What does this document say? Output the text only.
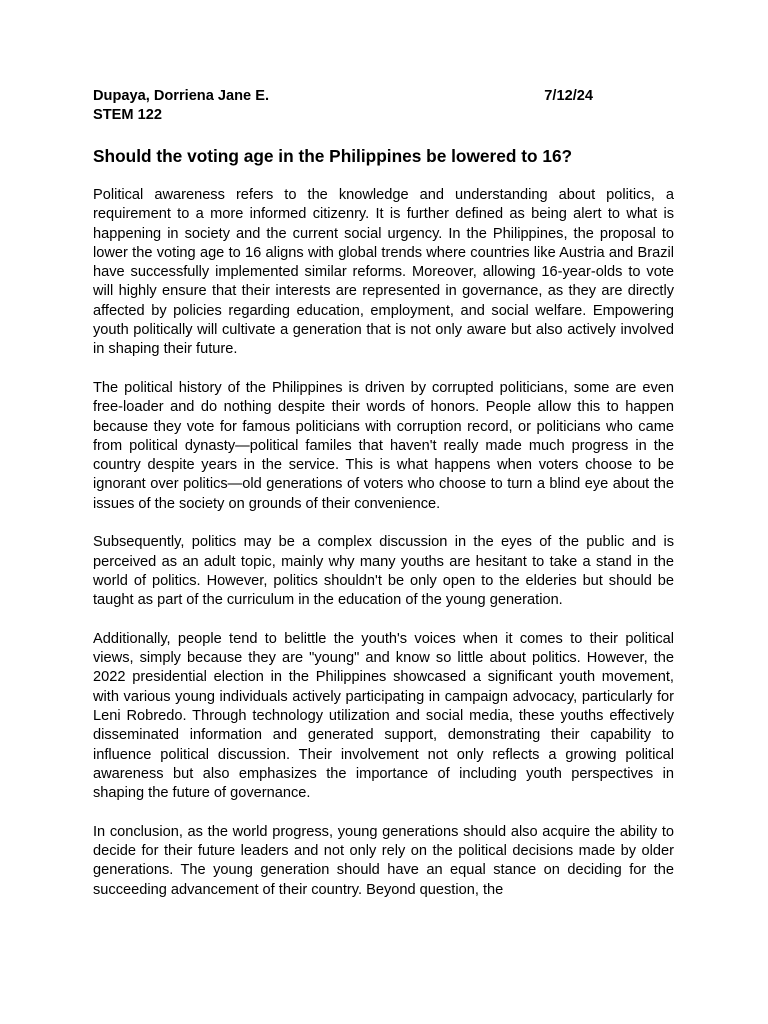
Dupaya, Dorriena Jane E.	7/12/24
STEM 122
Should the voting age in the Philippines be lowered to 16?

Political awareness refers to the knowledge and understanding about politics, a requirement to a more informed citizenry. It is further defined as being alert to what is happening in society and the current social urgency. In the Philippines, the proposal to lower the voting age to 16 aligns with global trends where countries like Austria and Brazil have successfully implemented similar reforms. Moreover, allowing 16-year-olds to vote will highly ensure that their interests are represented in governance, as they are directly affected by policies regarding education, employment, and social welfare. Empowering youth politically will cultivate a generation that is not only aware but also actively involved in shaping their future.

The political history of the Philippines is driven by corrupted politicians, some are even free-loader and do nothing despite their words of honors. People allow this to happen because they vote for famous politicians with corruption record, or politicians who came from political dynasty—political familes that haven't really made much progress in the country despite years in the service. This is what happens when voters choose to be ignorant over politics—old generations of voters who choose to turn a blind eye about the issues of the society on grounds of their convenience.

Subsequently, politics may be a complex discussion in the eyes of the public and is perceived as an adult topic, mainly why many youths are hesitant to take a stand in the world of politics. However, politics shouldn't be only open to the elderies but should be taught as part of the curriculum in the education of the young generation.

Additionally, people tend to belittle the youth's voices when it comes to their political views, simply because they are "young" and know so little about politics. However, the 2022 presidential election in the Philippines showcased a significant youth movement, with various young individuals actively participating in campaign advocacy, particularly for Leni Robredo. Through technology utilization and social media, these youths effectively disseminated information and generated support, demonstrating their capability to influence political discussion. Their involvement not only reflects a growing political awareness but also emphasizes the importance of including youth perspectives in shaping the future of governance.

In conclusion, as the world progress, young generations should also acquire the ability to decide for their future leaders and not only rely on the political decisions made by older generations. The young generation should have an equal stance on deciding for the succeeding advancement of their country. Beyond question, the
